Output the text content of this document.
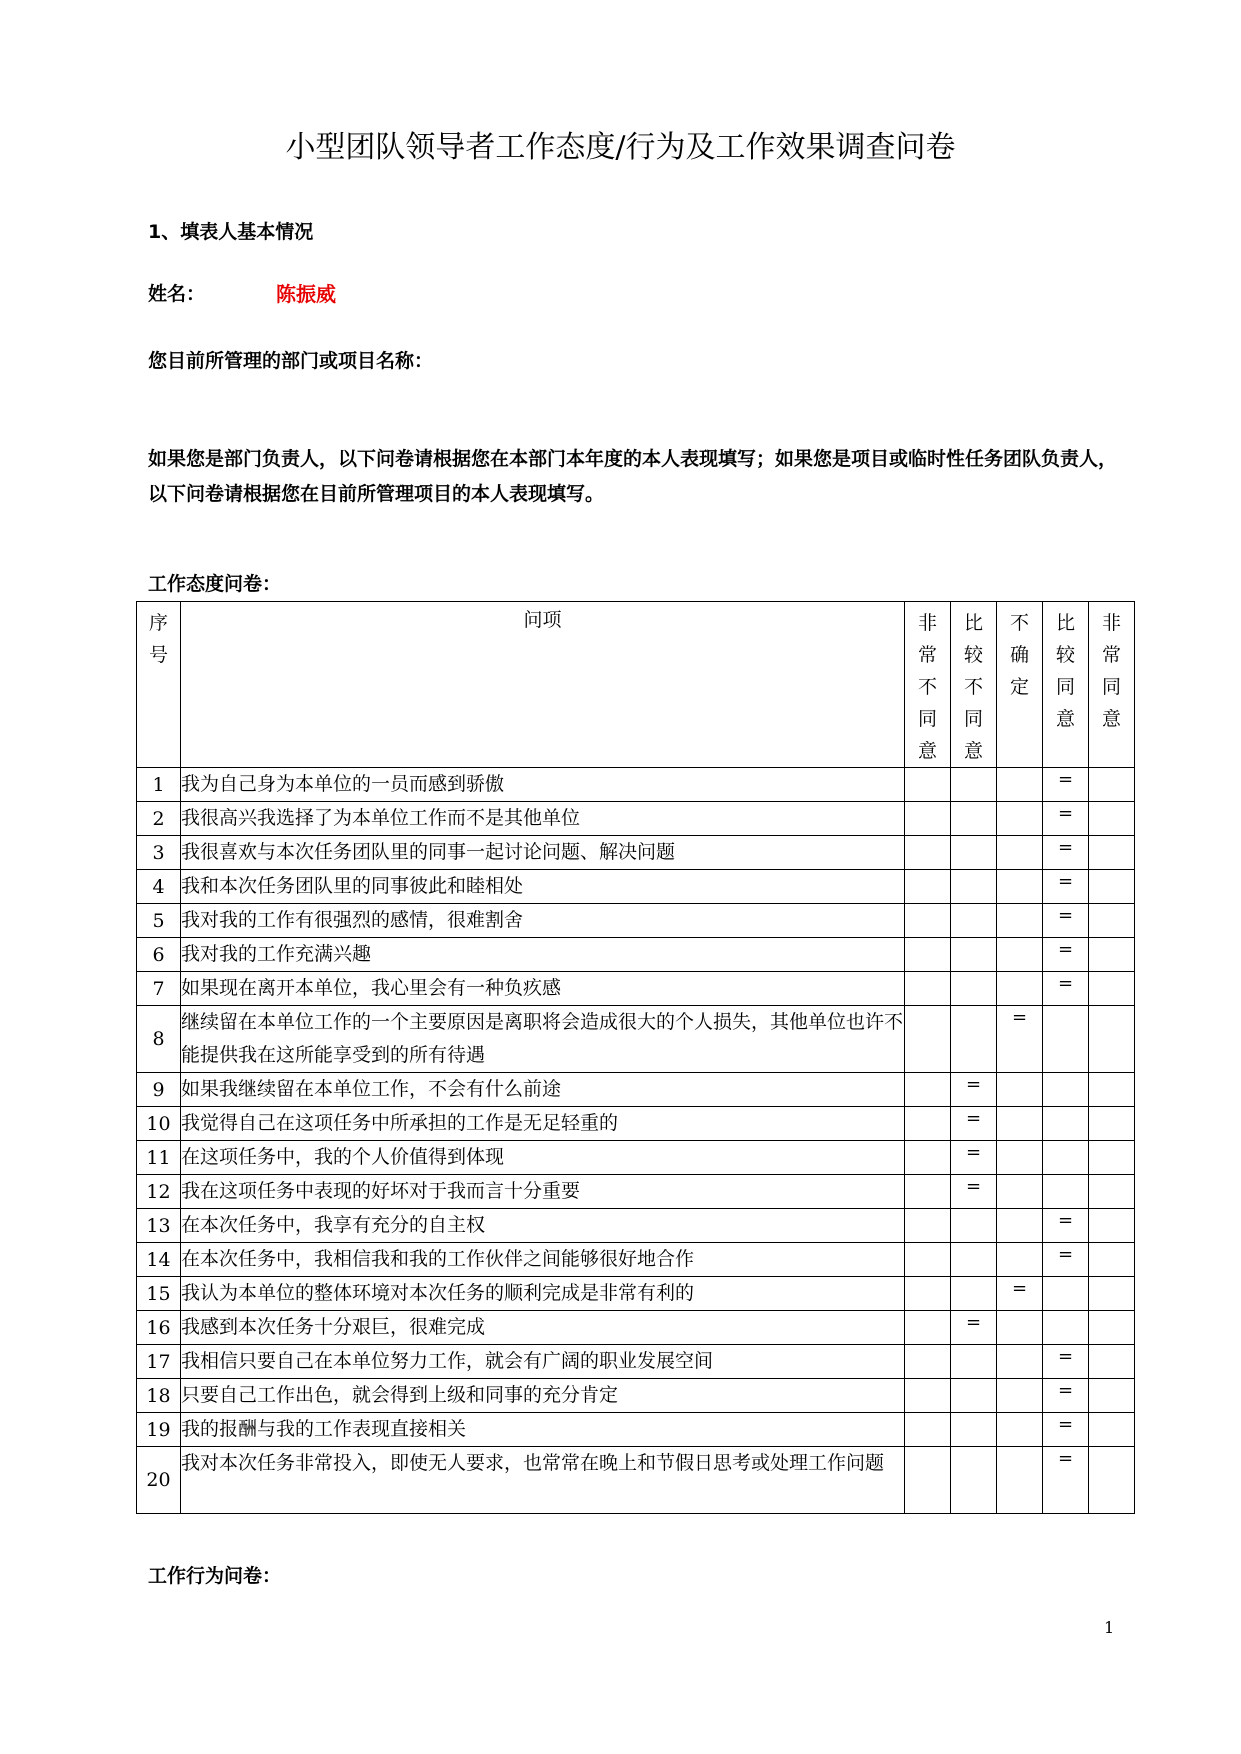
小型团队领导者工作态度/行为及工作效果调查问卷
1、填表人基本情况
姓名：	陈振威
您目前所管理的部门或项目名称：
如果您是部门负责人，以下问卷请根据您在本部门本年度的本人表现填写；如果您是项目或临时性任务团队负责人，以下问卷请根据您在目前所管理项目的本人表现填写。
工作态度问卷：
序号	问项	非常不同意	比较不同意	不确定	比较同意	非常同意

1	我为自己身为本单位的一员而感到骄傲				=	
2	我很高兴我选择了为本单位工作而不是其他单位				=	
3	我很喜欢与本次任务团队里的同事一起讨论问题、解决问题				=	
4	我和本次任务团队里的同事彼此和睦相处				=	
5	我对我的工作有很强烈的感情，很难割舍				=	
6	我对我的工作充满兴趣				=	
7	如果现在离开本单位，我心里会有一种负疚感				=	
8	继续留在本单位工作的一个主要原因是离职将会造成很大的个人损失，其他单位也许不能提供我在这所能享受到的所有待遇			=		
9	如果我继续留在本单位工作，不会有什么前途		=			
10	我觉得自己在这项任务中所承担的工作是无足轻重的		=			
11	在这项任务中，我的个人价值得到体现		=			
12	我在这项任务中表现的好坏对于我而言十分重要		=			
13	在本次任务中，我享有充分的自主权				=	
14	在本次任务中，我相信我和我的工作伙伴之间能够很好地合作				=	
15	我认为本单位的整体环境对本次任务的顺利完成是非常有利的			=		
16	我感到本次任务十分艰巨，很难完成		=			
17	我相信只要自己在本单位努力工作，就会有广阔的职业发展空间				=	
18	只要自己工作出色，就会得到上级和同事的充分肯定				=	
19	我的报酬与我的工作表现直接相关				=	
20	我对本次任务非常投入，即使无人要求，也常常在晚上和节假日思考或处理工作问题				=	
工作行为问卷：
1
